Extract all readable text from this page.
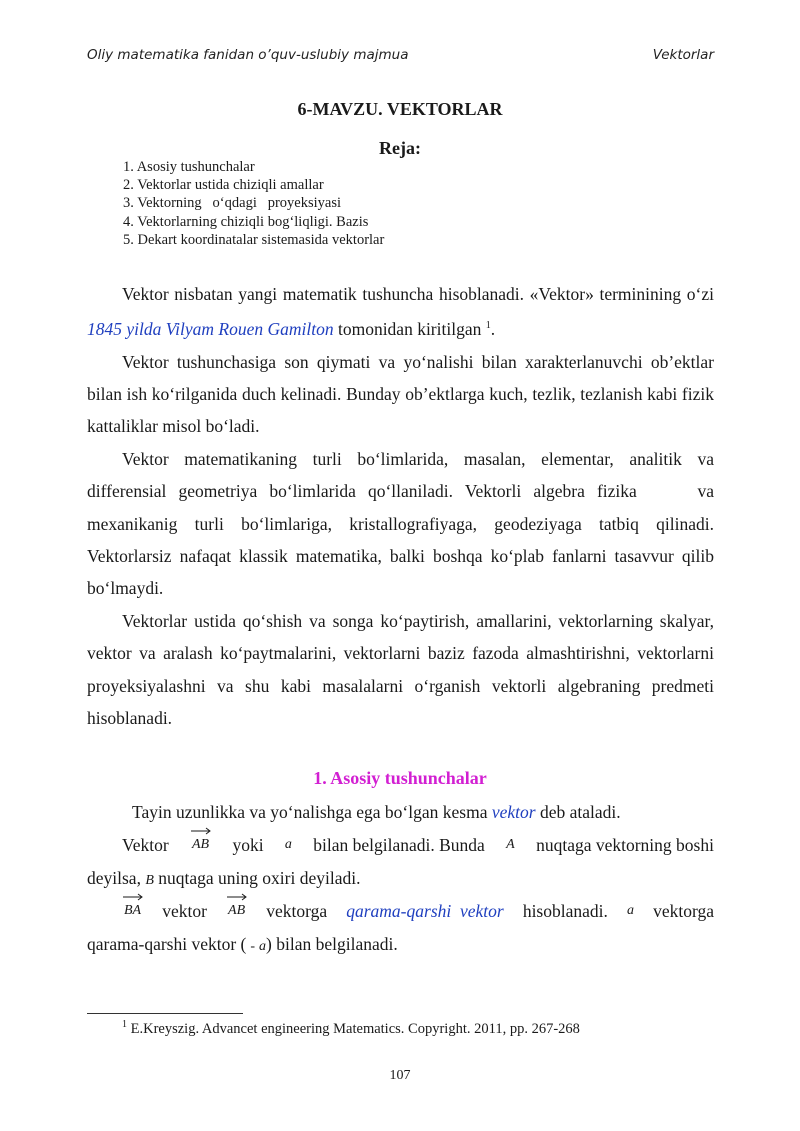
Oliy matematika fanidan o’quv-uslubiy majmua	Vektorlar
6-MAVZU. VEKTORLAR
Reja:
1. Asosiy tushunchalar
2. Vektorlar ustida chiziqli amallar
3. Vektorning   o‘qdagi   proyeksiyasi
4. Vektorlarning chiziqli bog‘liqligi. Bazis
5. Dekart koordinatalar sistemasida vektorlar

Vektor nisbatan yangi matematik tushuncha hisoblanadi. «Vektor» terminining o‘zi 1845 yilda Vilyam Rouen Gamilton tomonidan kiritilgan $^1$.

Vektor tushunchasiga son qiymati va yo‘nalishi bilan xarakterlanuvchi ob’ektlar bilan ish ko‘rilganida duch kelinadi. Bunday ob’ektlarga kuch, tezlik, tezlanish kabi fizik kattaliklar misol bo‘ladi.

Vektor matematikaning turli bo‘limlarida, masalan, elementar, analitik va differensial geometriya bo‘limlarida qo‘llaniladi. Vektorli algebra fizika     va mexanikanig turli bo‘limlariga, kristallografiyaga, geodeziyaga tatbiq qilinadi. Vektorlarsiz nafaqat klassik matematika, balki boshqa ko‘plab fanlarni tasavvur qilib bo‘lmaydi.

Vektorlar ustida qo‘shish va songa ko‘paytirish, amallarini, vektorlarning skalyar, vektor va aralash ko‘paytmalarini, vektorlarni baziz fazoda almashtirishni, vektorlarni proyeksiyalashni va shu kabi masalalarni o‘rganish vektorli algebraning predmeti hisoblanadi.

1. Asosiy tushunchalar
Tayin uzunlikka va yo‘nalishga ega bo‘lgan kesma vektor deb ataladi.
Vektor AB yoki a bilan belgilanadi. Bunda A nuqtaga vektorning boshi
deyilsa, B nuqtaga uning oxiri deyiladi.
BA vektor AB vektorga qarama-qarshi  vektor hisoblanadi. a vektorga
qarama-qarshi vektor ( - a) bilan belgilanadi.
$^1$ E.Kreyszig. Advancet engineering Matematics. Copyright. 2011, pp. 267-268
107
